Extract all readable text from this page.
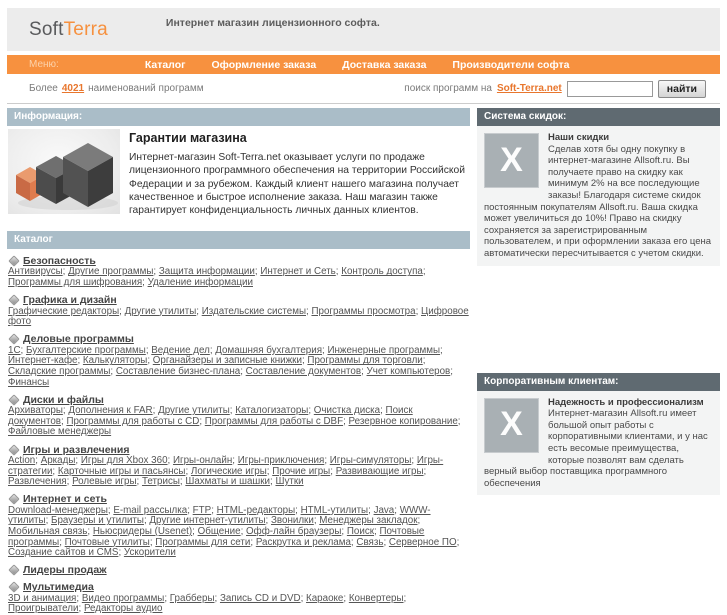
SoftTerra	Интернет магазин лицензионного софта.
Меню:	Каталог Оформление заказа Доставка заказа Производители софта
Более 4021 наименований программ	поиск программ на Soft-Terra.net	найти
Информация:
Гарантии магазина
Интернет-магазин Soft-Terra.net оказывает услуги по продаже лицензионного программного обеспечения на территории Российской Федерации и за рубежом. Каждый клиент нашего магазина получает качественное и быстрое исполнение заказа. Наш магазин также гарантирует конфиденциальность личных данных клиентов.
Каталог
Безопасность
Антивирусы; Другие программы; Защита информации; Интернет и Сеть; Контроль доступа; Программы для шифрования; Удаление информации
Графика и дизайн
Графические редакторы; Другие утилиты; Издательские системы; Программы просмотра; Цифровое фото
Деловые программы
1С; Бухгалтерские программы; Ведение дел; Домашняя бухгалтерия; Инженерные программы; Интернет-кафе; Калькуляторы; Органайзеры и записные книжки; Программы для торговли; Складские программы; Составление бизнес-плана; Составление документов; Учет компьютеров; Финансы
Диски и файлы
Архиваторы; Дополнения к FAR; Другие утилиты; Каталогизаторы; Очистка диска; Поиск документов; Программы для работы с CD; Программы для работы с DBF; Резервное копирование; Файловые менеджеры
Игры и развлечения
Action; Аркады; Игры для Xbox 360; Игры-онлайн; Игры-приключения; Игры-симуляторы; Игры-стратегии; Карточные игры и пасьянсы; Логические игры; Прочие игры; Развивающие игры; Развлечения; Ролевые игры; Тетрисы; Шахматы и шашки; Шутки
Интернет и сеть
Download-менеджеры; E-mail рассылка; FTP; HTML-редакторы; HTML-утилиты; Java; WWW-утилиты; Браузеры и утилиты; Другие интернет-утилиты; Звонилки; Менеджеры закладок; Мобильная связь; Ньюсридеры (Usenet); Общение; Офф-лайн браузеры; Поиск; Почтовые программы; Почтовые утилиты; Программы для сети; Раскрутка и реклама; Связь; Серверное ПО; Создание сайтов и CMS; Ускорители
Лидеры продаж
Мультимедиа
3D и анимация; Видео программы; Грабберы; Запись CD и DVD; Караоке; Конвертеры; Проигрыватели; Редакторы аудио
Система скидок:
X
Наши скидки
Сделав хотя бы одну покупку в интернет-магазине Allsoft.ru. Вы получаете право на скидку как минимум 2% на все последующие заказы! Благодаря системе скидок постоянным покупателям Allsoft.ru. Ваша скидка может увеличиться до 10%! Право на скидку сохраняется за зарегистрированным пользователем, и при оформлении заказа его цена автоматически пересчитывается с учетом скидки.
Корпоративным клиентам:
X
Надежность и профессионализм
Интернет-магазин Allsoft.ru имеет большой опыт работы с корпоративными клиентами, и у нас есть весомые преимущества, которые позволят вам сделать верный выбор поставщика программного обеспечения
